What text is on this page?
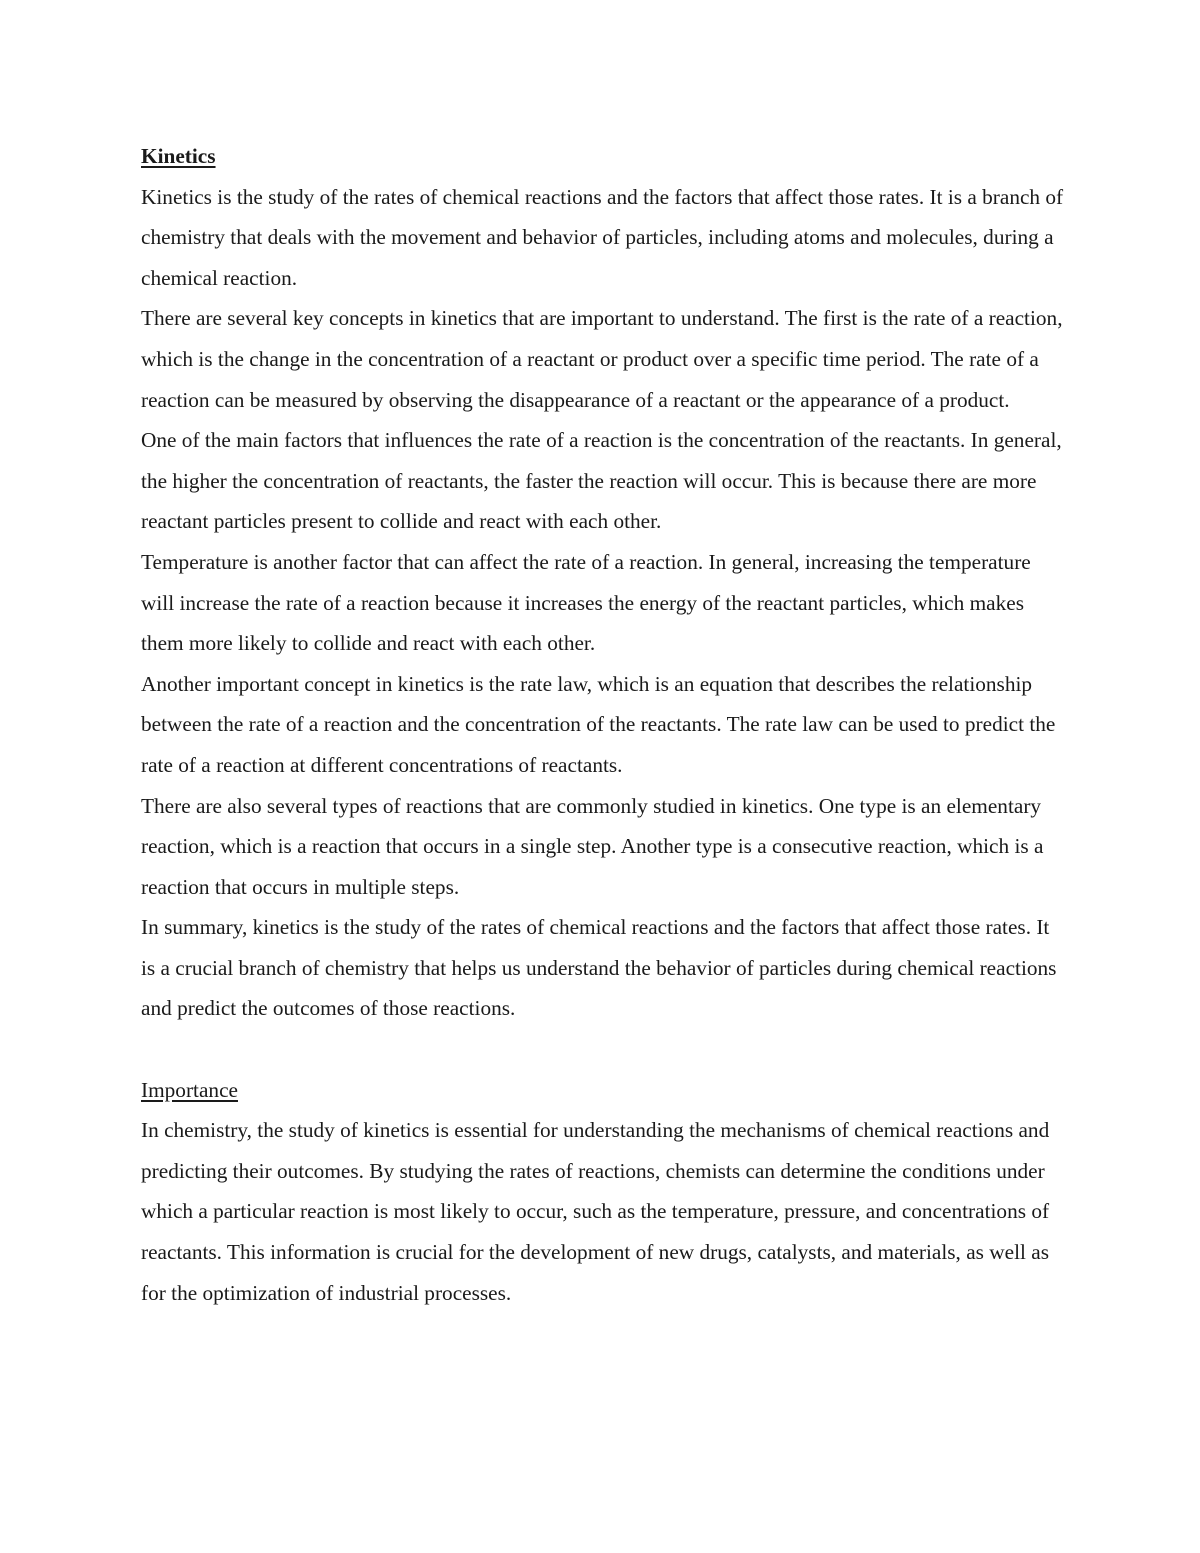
Kinetics

Kinetics is the study of the rates of chemical reactions and the factors that affect those rates. It is a branch of chemistry that deals with the movement and behavior of particles, including atoms and molecules, during a chemical reaction.

There are several key concepts in kinetics that are important to understand. The first is the rate of a reaction, which is the change in the concentration of a reactant or product over a specific time period. The rate of a reaction can be measured by observing the disappearance of a reactant or the appearance of a product.

One of the main factors that influences the rate of a reaction is the concentration of the reactants. In general, the higher the concentration of reactants, the faster the reaction will occur. This is because there are more reactant particles present to collide and react with each other.

Temperature is another factor that can affect the rate of a reaction. In general, increasing the temperature will increase the rate of a reaction because it increases the energy of the reactant particles, which makes them more likely to collide and react with each other.

Another important concept in kinetics is the rate law, which is an equation that describes the relationship between the rate of a reaction and the concentration of the reactants. The rate law can be used to predict the rate of a reaction at different concentrations of reactants.

There are also several types of reactions that are commonly studied in kinetics. One type is an elementary reaction, which is a reaction that occurs in a single step. Another type is a consecutive reaction, which is a reaction that occurs in multiple steps.

In summary, kinetics is the study of the rates of chemical reactions and the factors that affect those rates. It is a crucial branch of chemistry that helps us understand the behavior of particles during chemical reactions and predict the outcomes of those reactions.

Importance

In chemistry, the study of kinetics is essential for understanding the mechanisms of chemical reactions and predicting their outcomes. By studying the rates of reactions, chemists can determine the conditions under which a particular reaction is most likely to occur, such as the temperature, pressure, and concentrations of reactants. This information is crucial for the development of new drugs, catalysts, and materials, as well as for the optimization of industrial processes.
